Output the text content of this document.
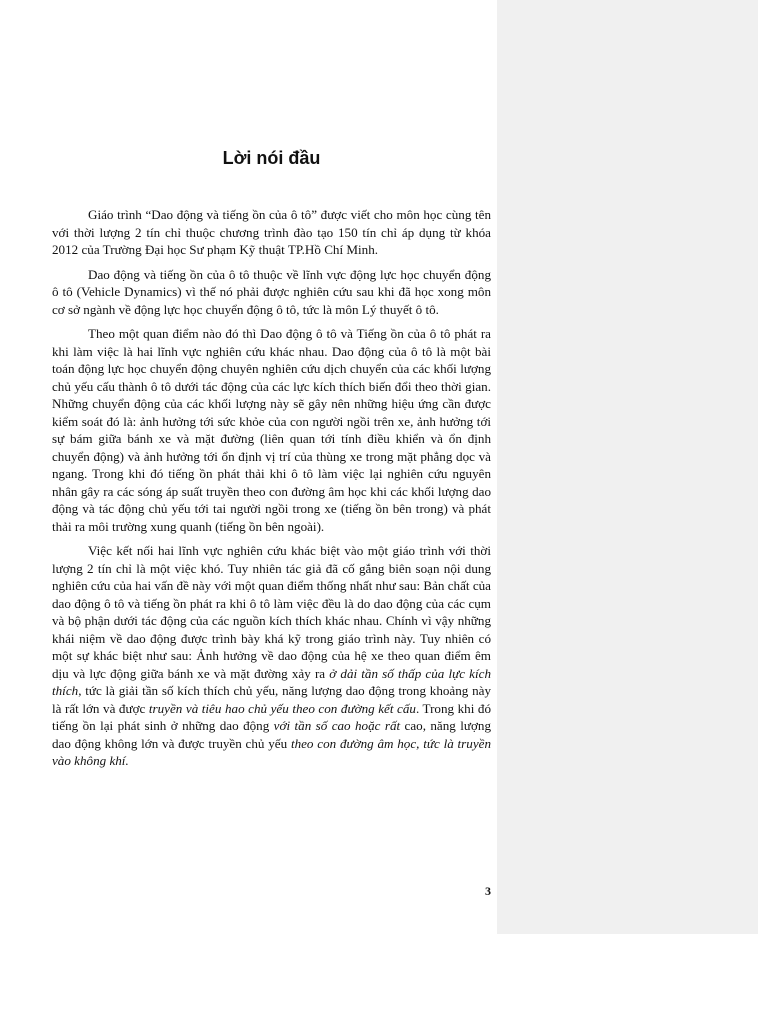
Lời nói đầu

Giáo trình “Dao động và tiếng ồn của ô tô” được viết cho môn học cùng tên với thời lượng 2 tín chỉ thuộc chương trình đào tạo 150 tín chỉ áp dụng từ khóa 2012 của Trường Đại học Sư phạm Kỹ thuật TP.Hồ Chí Minh.

Dao động và tiếng ồn của ô tô thuộc về lĩnh vực động lực học chuyển động ô tô (Vehicle Dynamics) vì thế nó phải được nghiên cứu sau khi đã học xong môn cơ sở ngành về động lực học chuyển động ô tô, tức là môn Lý thuyết ô tô.

Theo một quan điểm nào đó thì Dao động ô tô và Tiếng ồn của ô tô phát ra khi làm việc là hai lĩnh vực nghiên cứu khác nhau. Dao động của ô tô là một bài toán động lực học chuyển động chuyên nghiên cứu dịch chuyển của các khối lượng chủ yếu cấu thành ô tô dưới tác động của các lực kích thích biến đổi theo thời gian. Những chuyển động của các khối lượng này sẽ gây nên những hiệu ứng cần được kiểm soát đó là: ảnh hưởng tới sức khỏe của con người ngồi trên xe, ảnh hưởng tới sự bám giữa bánh xe và mặt đường (liên quan tới tính điều khiển và ổn định chuyển động) và ảnh hưởng tới ổn định vị trí của thùng xe trong mặt phẳng dọc và ngang. Trong khi đó tiếng ồn phát thải khi ô tô làm việc lại nghiên cứu nguyên nhân gây ra các sóng áp suất truyền theo con đường âm học khi các khối lượng dao động và tác động chủ yếu tới tai người ngồi trong xe (tiếng ồn bên trong) và phát thải ra môi trường xung quanh (tiếng ồn bên ngoài).

Việc kết nối hai lĩnh vực nghiên cứu khác biệt vào một giáo trình với thời lượng 2 tín chỉ là một việc khó. Tuy nhiên tác giả đã cố gắng biên soạn nội dung nghiên cứu của hai vấn đề này với một quan điểm thống nhất như sau: Bản chất của dao động ô tô và tiếng ồn phát ra khi ô tô làm việc đều là do dao động của các cụm và bộ phận dưới tác động của các nguồn kích thích khác nhau. Chính vì vậy những khái niệm về dao động được trình bày khá kỹ trong giáo trình này. Tuy nhiên có một sự khác biệt như sau: Ảnh hưởng về dao động của hệ xe theo quan điểm êm dịu và lực động giữa bánh xe và mặt đường xảy ra ở dải tần số thấp của lực kích thích, tức là giải tần số kích thích chủ yếu, năng lượng dao động trong khoảng này là rất lớn và được truyền và tiêu hao chủ yếu theo con đường kết cấu. Trong khi đó tiếng ồn lại phát sinh ở những dao động với tần số cao hoặc rất cao, năng lượng dao động không lớn và được truyền chủ yếu theo con đường âm học, tức là truyền vào không khí.

3
